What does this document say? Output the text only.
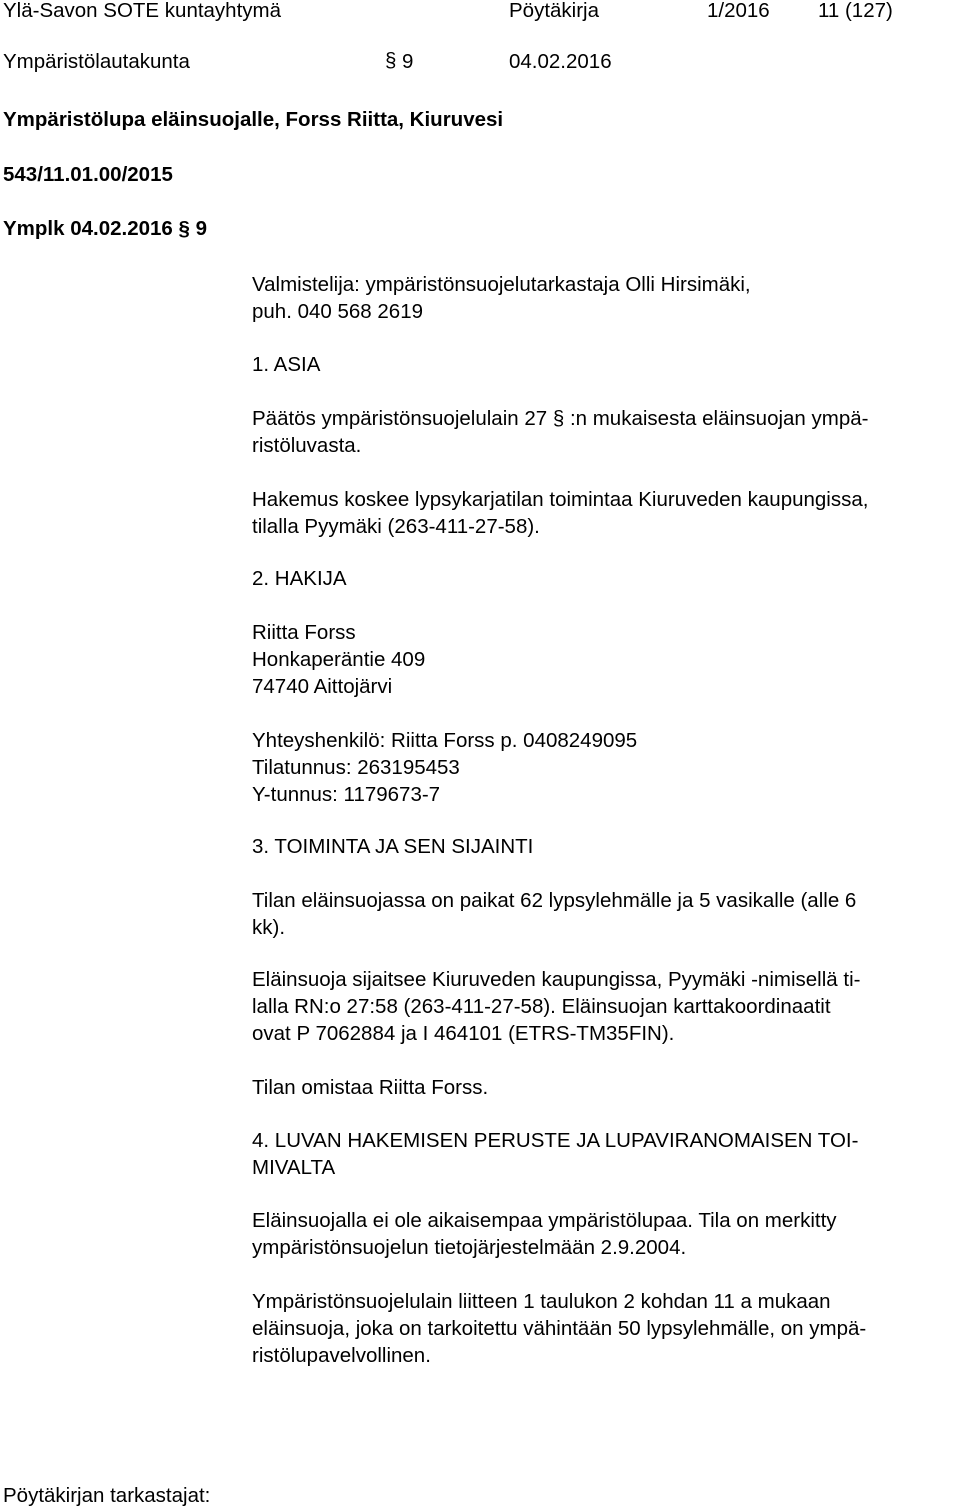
Ylä-Savon SOTE kuntayhtymä	Pöytäkirja	1/2016 11 (127)
Ympäristölautakunta	§ 9	04.02.2016
Ympäristölupa eläinsuojalle, Forss Riitta, Kiuruvesi
543/11.01.00/2015
Ymplk 04.02.2016 § 9
Valmistelija: ympäristönsuojelutarkastaja Olli Hirsimäki,
puh. 040 568 2619
1. ASIA
Päätös ympäristönsuojelulain 27 § :n mukaisesta eläinsuojan ympä-
ristöluvasta.
Hakemus koskee lypsykarjatilan toimintaa Kiuruveden kaupungissa,
tilalla Pyymäki (263-411-27-58).
2. HAKIJA
Riitta Forss
Honkaperäntie 409
74740 Aittojärvi
Yhteyshenkilö: Riitta Forss p. 0408249095
Tilatunnus: 263195453
Y-tunnus: 1179673-7
3. TOIMINTA JA SEN SIJAINTI
Tilan eläinsuojassa on paikat 62 lypsylehmälle ja 5 vasikalle (alle 6
kk).
Eläinsuoja sijaitsee Kiuruveden kaupungissa, Pyymäki -nimisellä ti-
lalla RN:o 27:58 (263-411-27-58). Eläinsuojan karttakoordinaatit
ovat P 7062884 ja I 464101 (ETRS-TM35FIN).
Tilan omistaa Riitta Forss.
4. LUVAN HAKEMISEN PERUSTE JA LUPAVIRANOMAISEN TOI-
MIVALTA
Eläinsuojalla ei ole aikaisempaa ympäristölupaa. Tila on merkitty
ympäristönsuojelun tietojärjestelmään 2.9.2004.
Ympäristönsuojelulain liitteen 1 taulukon 2 kohdan 11 a mukaan
eläinsuoja, joka on tarkoitettu vähintään 50 lypsylehmälle, on ympä-
ristölupavelvollinen.
Pöytäkirjan tarkastajat:
